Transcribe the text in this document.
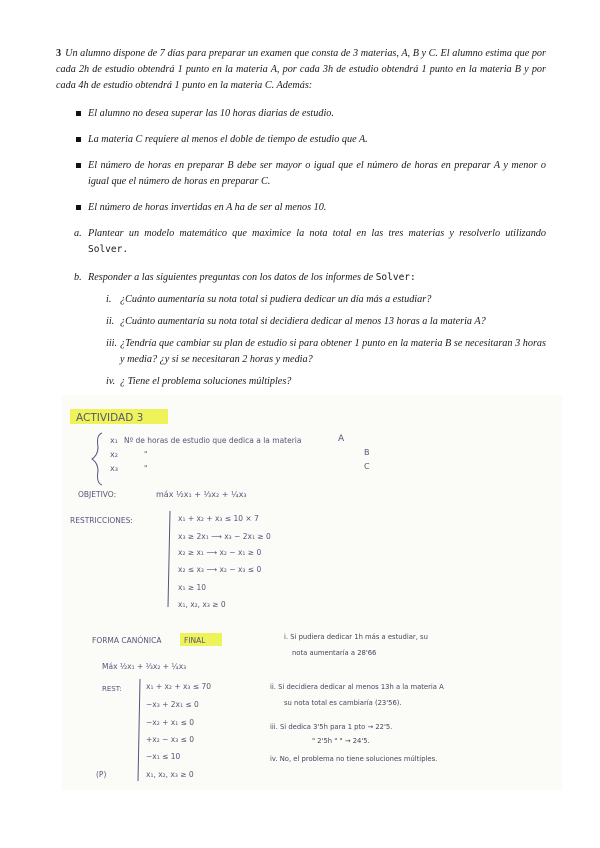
3 Un alumno dispone de 7 días para preparar un examen que consta de 3 materias, A, B y C. El alumno estima que por cada 2h de estudio obtendrá 1 punto en la materia A, por cada 3h de estudio obtendrá 1 punto en la materia B y por cada 4h de estudio obtendrá 1 punto en la materia C. Además:

El alumno no desea superar las 10 horas diarias de estudio.
La materia C requiere al menos el doble de tiempo de estudio que A.
El número de horas en preparar B debe ser mayor o igual que el número de horas en preparar A y menor o igual que el número de horas en preparar C.
El número de horas invertidas en A ha de ser al menos 10.
a. Plantear un modelo matemático que maximice la nota total en las tres materias y resolverlo utilizando Solver.
b. Responder a las siguientes preguntas con los datos de los informes de Solver:
i. ¿Cuánto aumentaría su nota total si pudiera dedicar un día más a estudiar?
ii. ¿Cuánto aumentaría su nota total si decidiera dedicar al menos 13 horas a la materia A?
iii. ¿Tendría que cambiar su plan de estudio si para obtener 1 punto en la materia B se necesitaran 3 horas y media? ¿y si se necesitaran 2 horas y media?
iv. ¿ Tiene el problema soluciones múltiples?
ACTIVIDAD 3
x₁ Nº de horas de estudio que dedica a la materia	A
x₂	"	B
x₃	"	C
OBJETIVO:	máx ½x₁ + ⅓x₂ + ¼x₃
RESTRICCIONES:	x₁ + x₂ + x₃ ≤ 10 × 7
x₃ ≥ 2x₁ ⟶ x₃ − 2x₁ ≥ 0
x₂ ≥ x₁ ⟶ x₂ − x₁ ≥ 0
x₂ ≤ x₃ ⟶ x₂ − x₃ ≤ 0
x₁ ≥ 10
x₁, x₂, x₃ ≥ 0
FORMA CANÓNICA	FINAL
Máx ½x₁ + ⅓x₂ + ¼x₃
REST:	x₁ + x₂ + x₃ ≤ 70
−x₃ + 2x₁ ≤ 0
−x₂ + x₁ ≤ 0
+x₂ − x₃ ≤ 0
−x₁ ≤ 10
x₁, x₂, x₃ ≥ 0
(P)
i. Si pudiera dedicar 1h más a estudiar, su
nota aumentaría a 28'66
ii. Si decidiera dedicar al menos 13h a la materia A
su nota total es cambiaría (23'56).
iii. Si dedica 3'5h para 1 pto → 22'5.
" 2'5h " " → 24'5.
iv. No, el problema no tiene soluciones múltiples.
